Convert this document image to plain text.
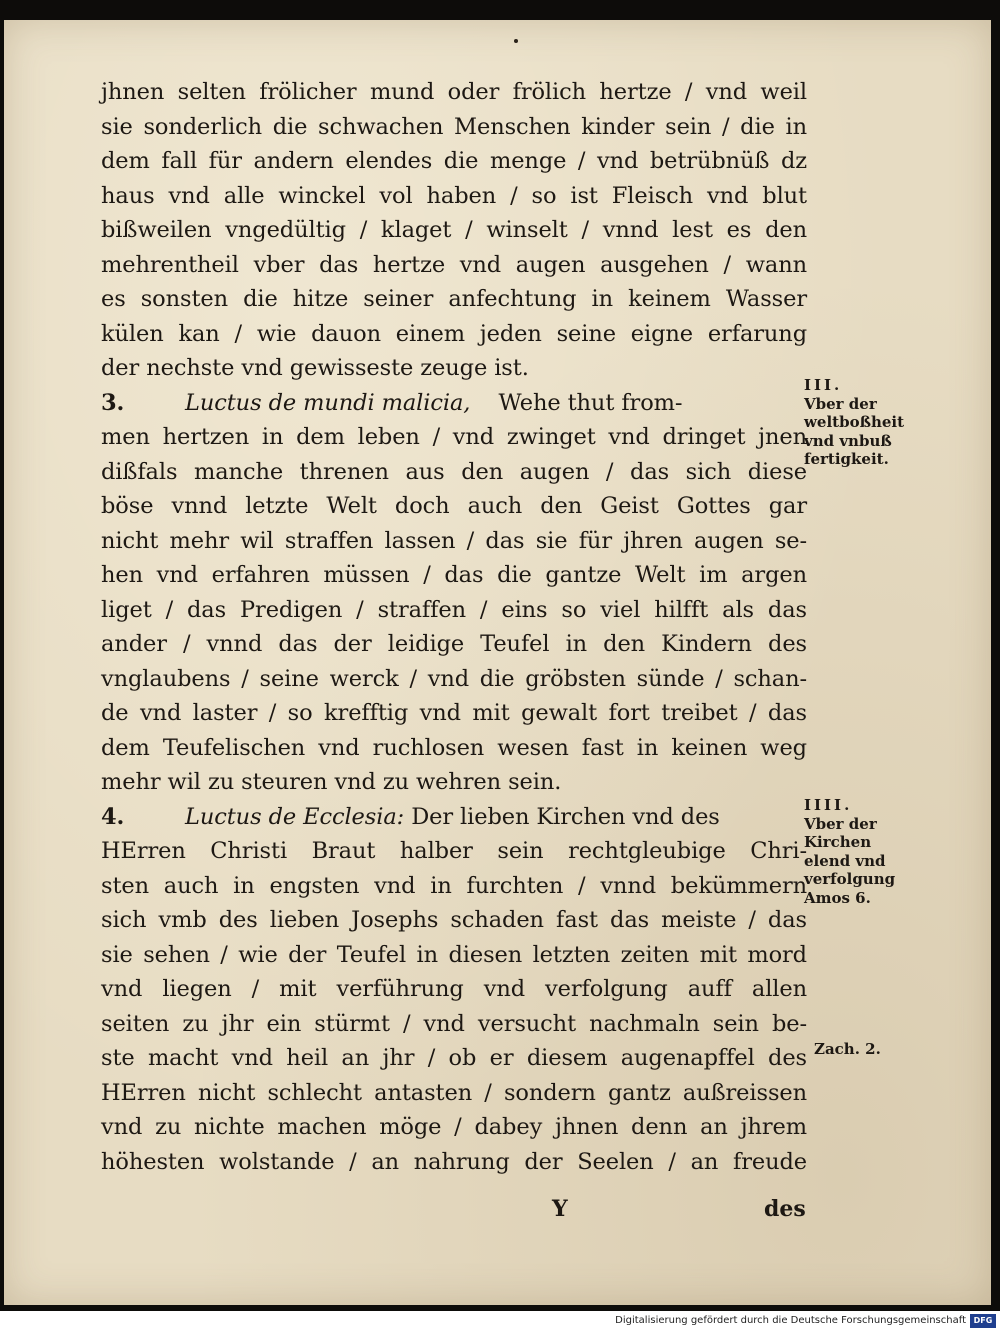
jhnen selten frölicher mund oder frölich hertze / vnd weil
sie sonderlich die schwachen Menschen kinder sein / die in
dem fall für andern elendes die menge / vnd betrübnüß dz
haus vnd alle winckel vol haben / so ist Fleisch vnd blut
bißweilen vngedültig / klaget / winselt / vnnd lest es den
mehrentheil vber das hertze vnd augen ausgehen / wann
es sonsten die hitze seiner anfechtung in keinem Wasser
külen kan / wie dauon einem jeden seine eigne erfarung
der nechste vnd gewisseste zeuge ist.
3.	Luctus de mundi malicia, Wehe thut from-
men hertzen in dem leben / vnd zwinget vnd dringet jnen
dißfals manche threnen aus den augen / das sich diese
böse vnnd letzte Welt doch auch den Geist Gottes gar
nicht mehr wil straffen lassen / das sie für jhren augen se-
hen vnd erfahren müssen / das die gantze Welt im argen
liget / das Predigen / straffen / eins so viel hilfft als das
ander / vnnd das der leidige Teufel in den Kindern des
vnglaubens / seine werck / vnd die gröbsten sünde / schan-
de vnd laster / so krefftig vnd mit gewalt fort treibet / das
dem Teufelischen vnd ruchlosen wesen fast in keinen weg
mehr wil zu steuren vnd zu wehren sein.
4.	Luctus de Ecclesia: Der lieben Kirchen vnd des
HErren Christi Braut halber sein rechtgleubige Chri-
sten auch in engsten vnd in furchten / vnnd bekümmern
sich vmb des lieben Josephs schaden fast das meiste / das
sie sehen / wie der Teufel in diesen letzten zeiten mit mord
vnd liegen / mit verführung vnd verfolgung auff allen
seiten zu jhr ein stürmt / vnd versucht nachmaln sein be-
ste macht vnd heil an jhr / ob er diesem augenapffel des
HErren nicht schlecht antasten / sondern gantz außreissen
vnd zu nichte machen möge / dabey jhnen denn an jhrem
höhesten wolstande / an nahrung der Seelen / an freude
III.
Vber der
weltboßheit
vnd vnbuß
fertigkeit.
IIII.
Vber der
Kirchen
elend vnd
verfolgung
Amos 6.
Zach. 2.
Y	des
Digitalisierung gefördert durch die Deutsche Forschungsgemeinschaft DFG
